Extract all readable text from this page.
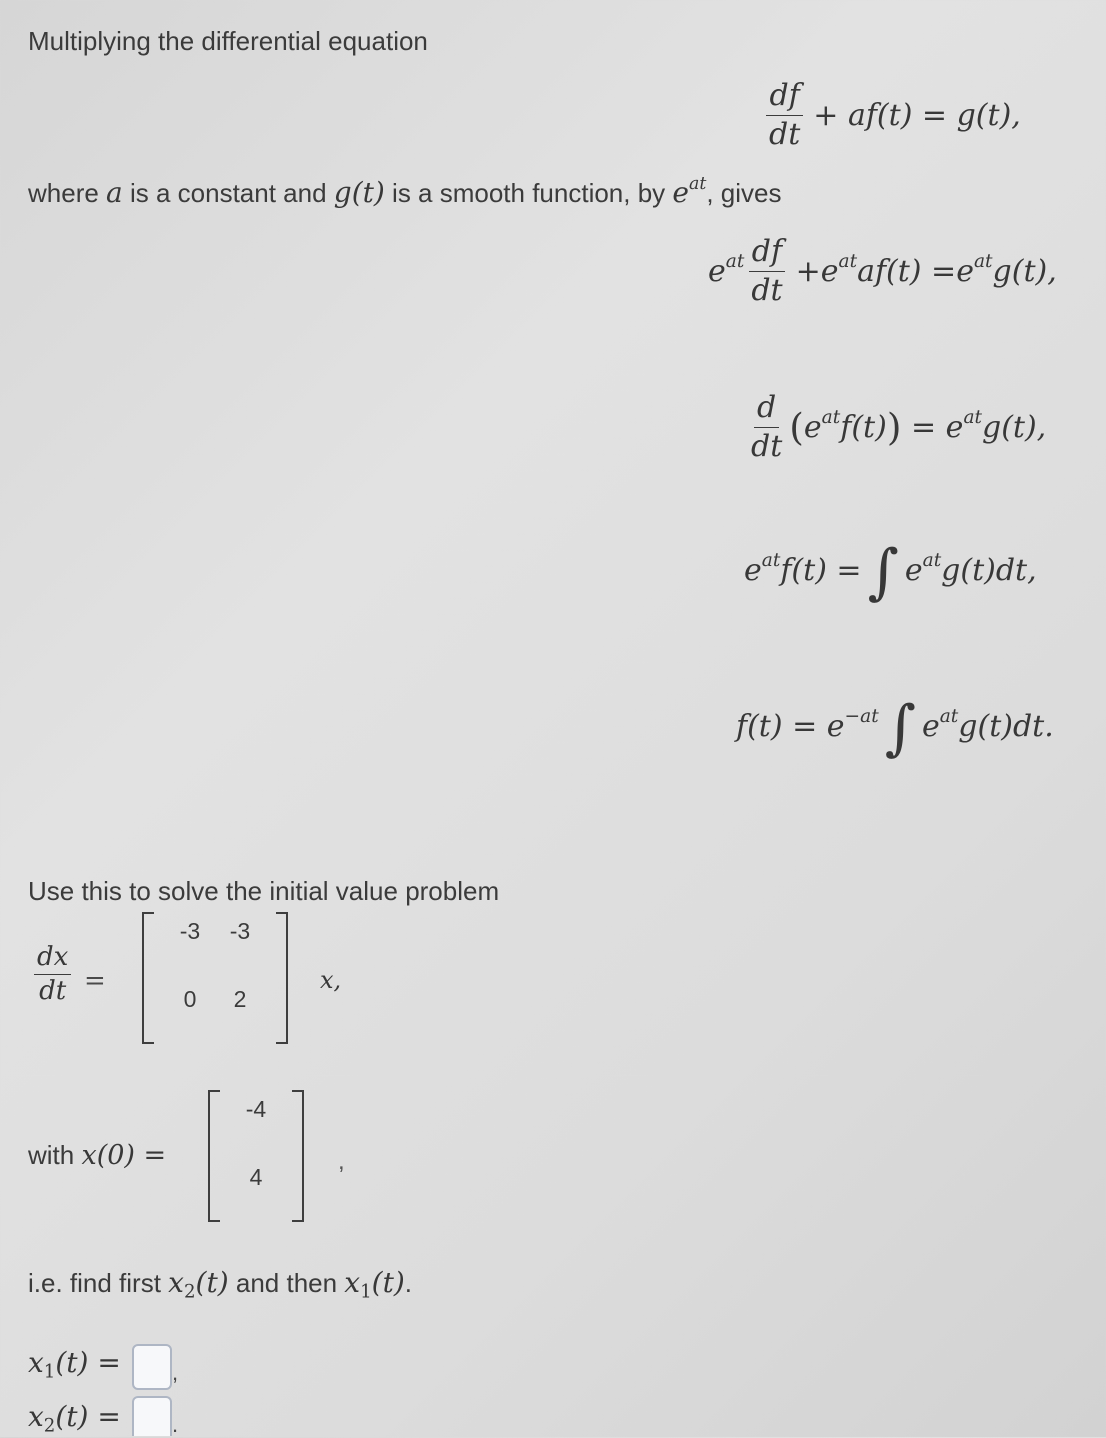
Multiplying the differential equation
$\frac{df}{dt} + af(t) = g(t)$,
where a is a constant and g(t) is a smooth function, by $e^{at}$, gives
$e^{at} \frac{df}{dt} + e^{at}$ $af(t) = e^{at}$ g(t),
$\frac{d}{dt}$ ( $e^{at}$ f(t) ) = $e^{at}$ g(t),
$e^{at}$ f(t) = ∫ $e^{at}$ g(t)dt,
$f(t) = e^{-at}$ ∫ $e^{at}$ g(t)dt.
Use this to solve the initial value problem
$\frac{dx}{dt}$ =
-3	-3
0	2
x,
with x(0) =
-4
4
,
i.e. find first $x_2(t)$ and then $x_1(t)$.
$x_1(t)$ = ,
$x_2(t)$ = .
